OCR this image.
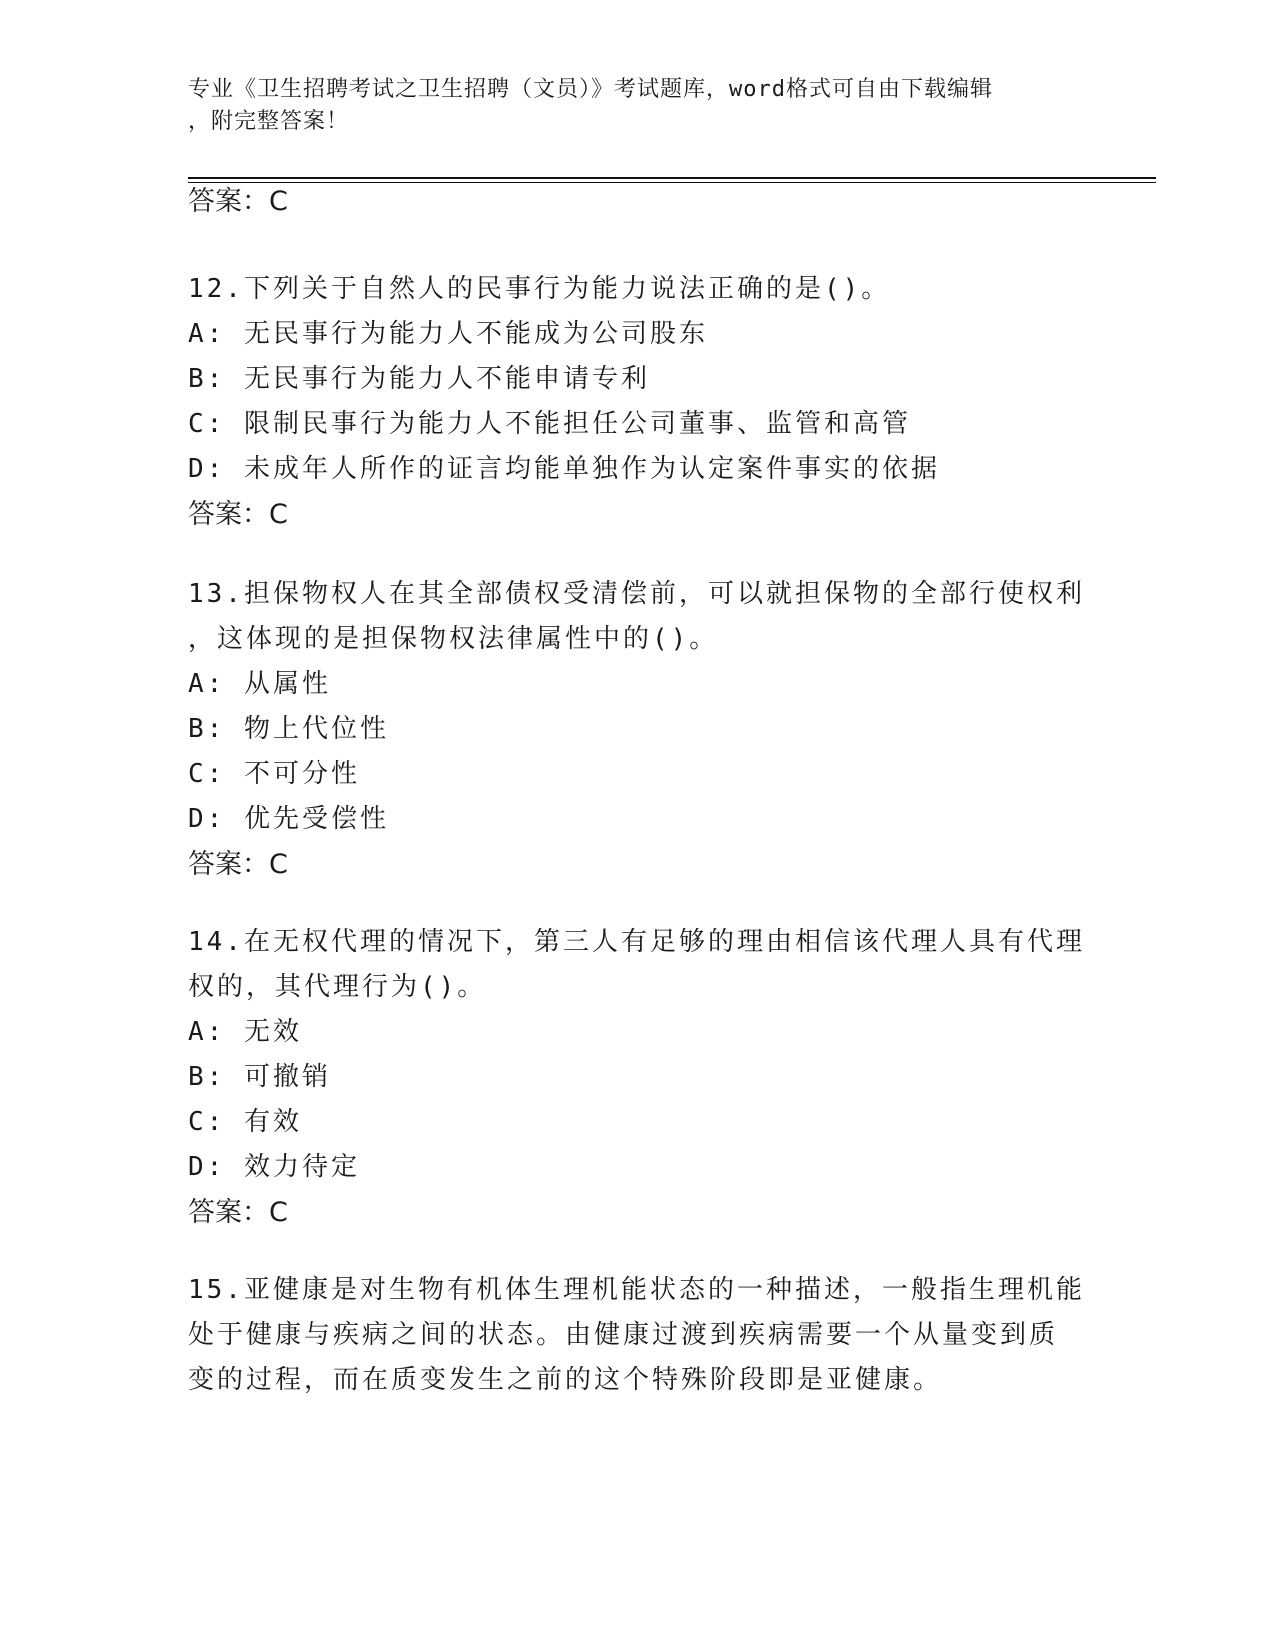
专业《卫生招聘考试之卫生招聘（文员）》考试题库，word格式可自由下载编辑
，附完整答案！
答案：C
12.下列关于自然人的民事行为能力说法正确的是()。
A: 无民事行为能力人不能成为公司股东
B: 无民事行为能力人不能申请专利
C: 限制民事行为能力人不能担任公司董事、监管和高管
D: 未成年人所作的证言均能单独作为认定案件事实的依据
答案：C
13.担保物权人在其全部债权受清偿前，可以就担保物的全部行使权利
，这体现的是担保物权法律属性中的()。
A: 从属性
B: 物上代位性
C: 不可分性
D: 优先受偿性
答案：C
14.在无权代理的情况下，第三人有足够的理由相信该代理人具有代理
权的，其代理行为()。
A: 无效
B: 可撤销
C: 有效
D: 效力待定
答案：C
15.亚健康是对生物有机体生理机能状态的一种描述，一般指生理机能
处于健康与疾病之间的状态。由健康过渡到疾病需要一个从量变到质
变的过程，而在质变发生之前的这个特殊阶段即是亚健康。
